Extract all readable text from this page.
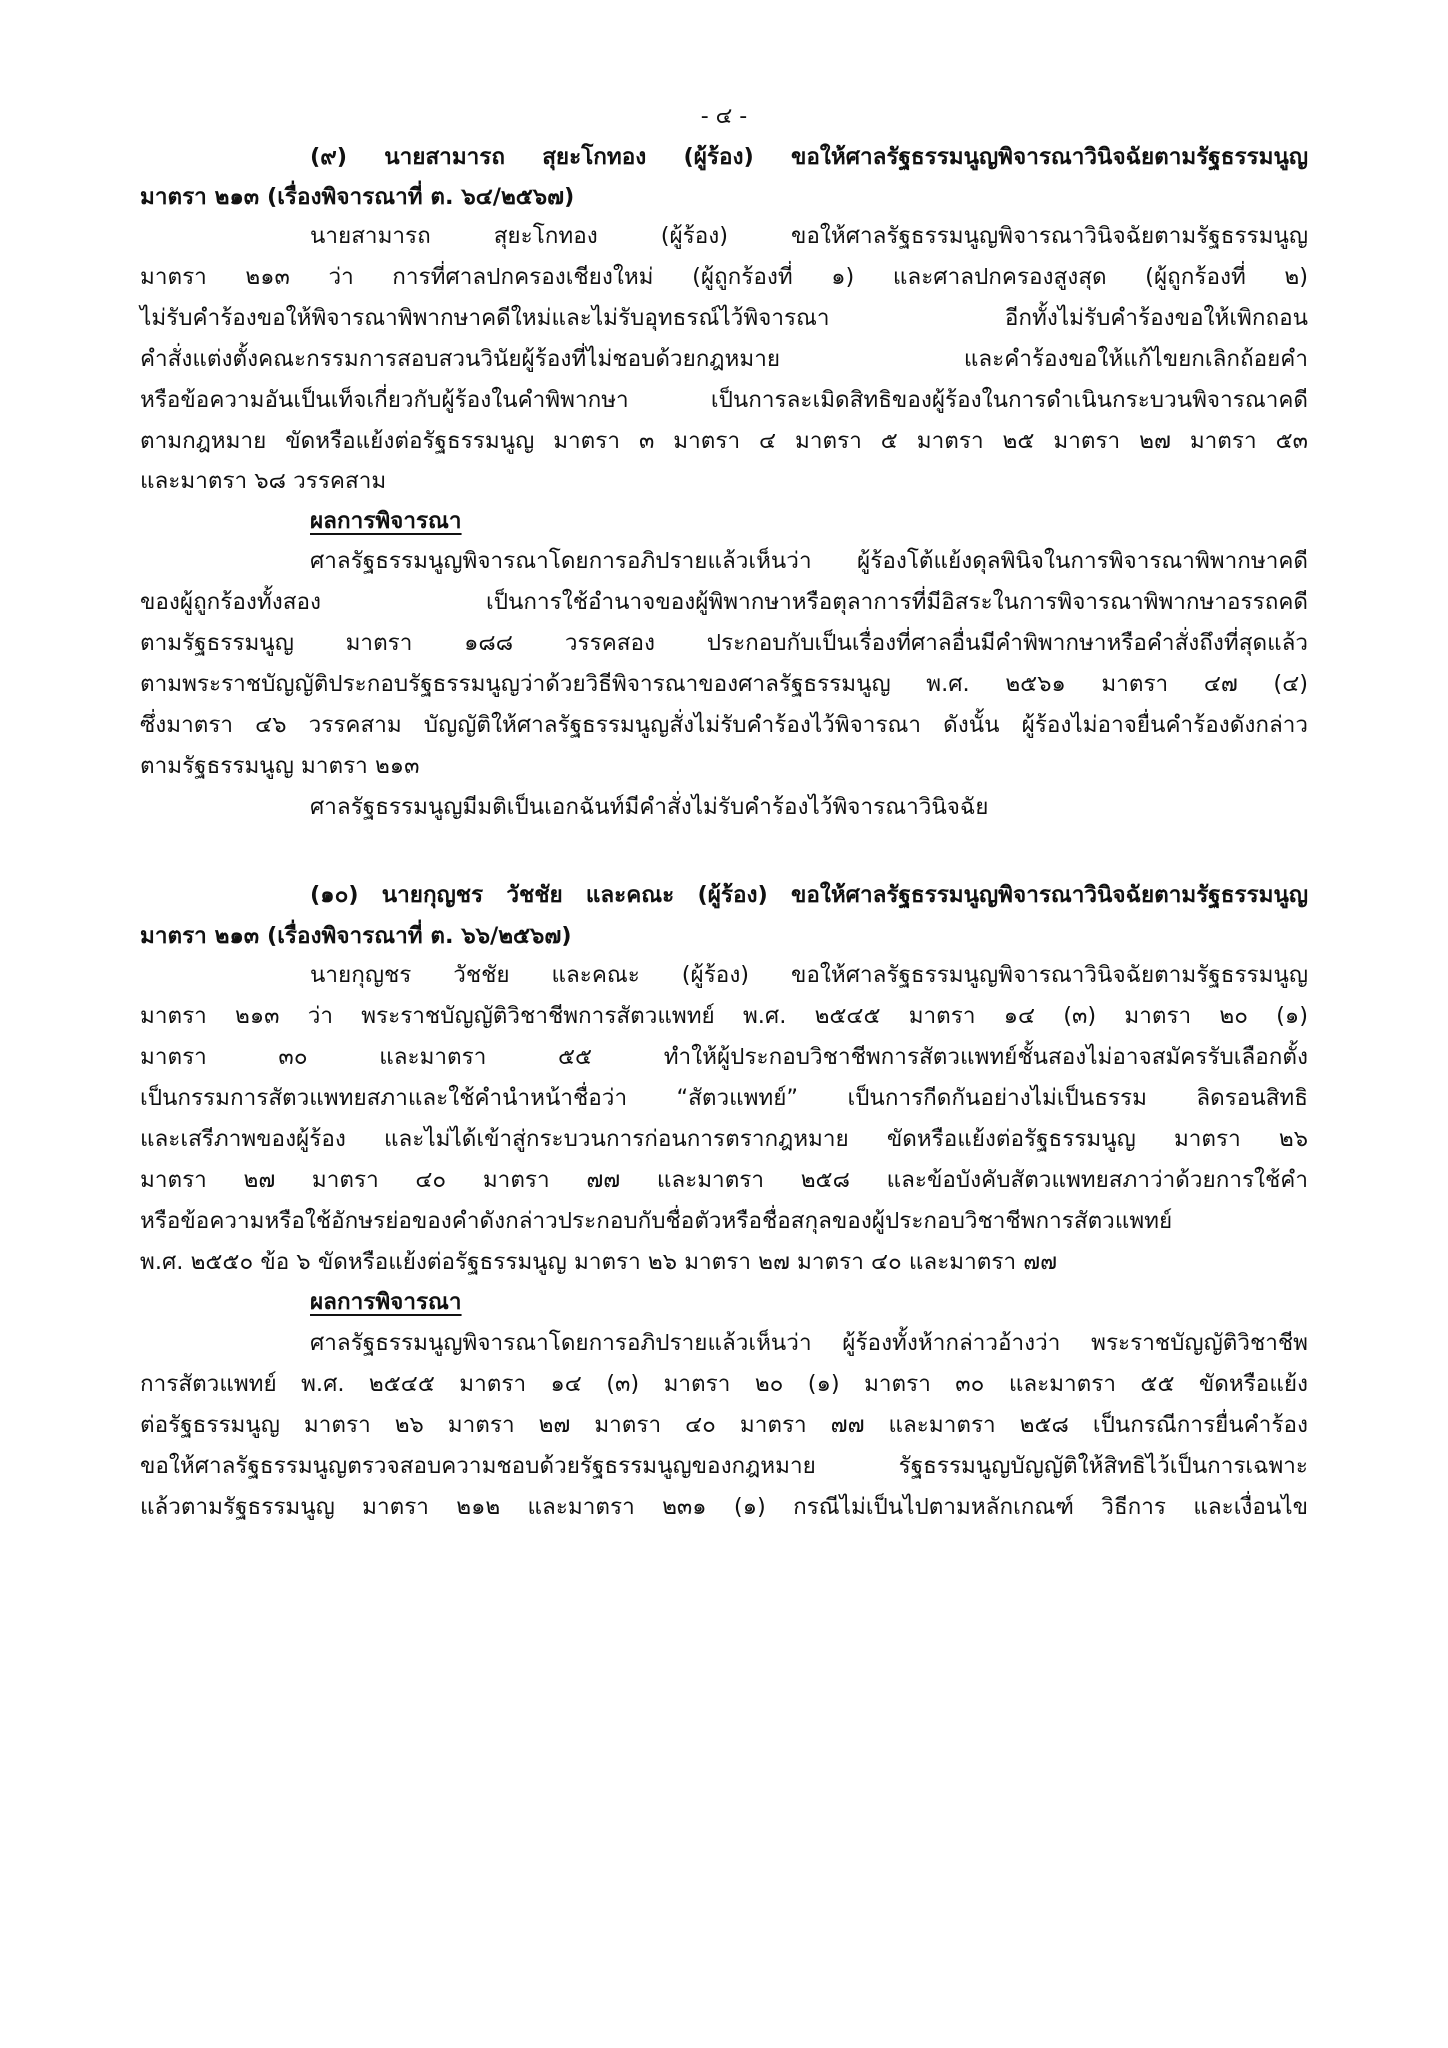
- ๔ -
(๙) นายสามารถ สุยะโกทอง (ผู้ร้อง) ขอให้ศาลรัฐธรรมนูญพิจารณาวินิจฉัยตามรัฐธรรมนูญ
มาตรา ๒๑๓ (เรื่องพิจารณาที่ ต. ๖๔/๒๕๖๗)
นายสามารถ สุยะโกทอง (ผู้ร้อง) ขอให้ศาลรัฐธรรมนูญพิจารณาวินิจฉัยตามรัฐธรรมนูญ
มาตรา ๒๑๓ ว่า การที่ศาลปกครองเชียงใหม่ (ผู้ถูกร้องที่ ๑) และศาลปกครองสูงสุด (ผู้ถูกร้องที่ ๒)
ไม่รับคำร้องขอให้พิจารณาพิพากษาคดีใหม่และไม่รับอุทธรณ์ไว้พิจารณา อีกทั้งไม่รับคำร้องขอให้เพิกถอน
คำสั่งแต่งตั้งคณะกรรมการสอบสวนวินัยผู้ร้องที่ไม่ชอบด้วยกฎหมาย และคำร้องขอให้แก้ไขยกเลิกถ้อยคำ
หรือข้อความอันเป็นเท็จเกี่ยวกับผู้ร้องในคำพิพากษา เป็นการละเมิดสิทธิของผู้ร้องในการดำเนินกระบวนพิจารณาคดี
ตามกฎหมาย ขัดหรือแย้งต่อรัฐธรรมนูญ มาตรา ๓ มาตรา ๔ มาตรา ๕ มาตรา ๒๕ มาตรา ๒๗ มาตรา ๕๓
และมาตรา ๖๘ วรรคสาม
ผลการพิจารณา
ศาลรัฐธรรมนูญพิจารณาโดยการอภิปรายแล้วเห็นว่า ผู้ร้องโต้แย้งดุลพินิจในการพิจารณาพิพากษาคดี
ของผู้ถูกร้องทั้งสอง เป็นการใช้อำนาจของผู้พิพากษาหรือตุลาการที่มีอิสระในการพิจารณาพิพากษาอรรถคดี
ตามรัฐธรรมนูญ มาตรา ๑๘๘ วรรคสอง ประกอบกับเป็นเรื่องที่ศาลอื่นมีคำพิพากษาหรือคำสั่งถึงที่สุดแล้ว
ตามพระราชบัญญัติประกอบรัฐธรรมนูญว่าด้วยวิธีพิจารณาของศาลรัฐธรรมนูญ พ.ศ. ๒๕๖๑ มาตรา ๔๗ (๔)
ซึ่งมาตรา ๔๖ วรรคสาม บัญญัติให้ศาลรัฐธรรมนูญสั่งไม่รับคำร้องไว้พิจารณา ดังนั้น ผู้ร้องไม่อาจยื่นคำร้องดังกล่าว
ตามรัฐธรรมนูญ มาตรา ๒๑๓
ศาลรัฐธรรมนูญมีมติเป็นเอกฉันท์มีคำสั่งไม่รับคำร้องไว้พิจารณาวินิจฉัย
(๑๐) นายกุญชร วัชชัย และคณะ (ผู้ร้อง) ขอให้ศาลรัฐธรรมนูญพิจารณาวินิจฉัยตามรัฐธรรมนูญ
มาตรา ๒๑๓ (เรื่องพิจารณาที่ ต. ๖๖/๒๕๖๗)
นายกุญชร วัชชัย และคณะ (ผู้ร้อง) ขอให้ศาลรัฐธรรมนูญพิจารณาวินิจฉัยตามรัฐธรรมนูญ
มาตรา ๒๑๓ ว่า พระราชบัญญัติวิชาชีพการสัตวแพทย์ พ.ศ. ๒๕๔๕ มาตรา ๑๔ (๓) มาตรา ๒๐ (๑)
มาตรา ๓๐ และมาตรา ๕๕ ทำให้ผู้ประกอบวิชาชีพการสัตวแพทย์ชั้นสองไม่อาจสมัครรับเลือกตั้ง
เป็นกรรมการสัตวแพทยสภาและใช้คำนำหน้าชื่อว่า “สัตวแพทย์” เป็นการกีดกันอย่างไม่เป็นธรรม ลิดรอนสิทธิ
และเสรีภาพของผู้ร้อง และไม่ได้เข้าสู่กระบวนการก่อนการตรากฎหมาย ขัดหรือแย้งต่อรัฐธรรมนูญ มาตรา ๒๖
มาตรา ๒๗ มาตรา ๔๐ มาตรา ๗๗ และมาตรา ๒๕๘ และข้อบังคับสัตวแพทยสภาว่าด้วยการใช้คำ
หรือข้อความหรือใช้อักษรย่อของคำดังกล่าวประกอบกับชื่อตัวหรือชื่อสกุลของผู้ประกอบวิชาชีพการสัตวแพทย์
พ.ศ. ๒๕๕๐ ข้อ ๖ ขัดหรือแย้งต่อรัฐธรรมนูญ มาตรา ๒๖ มาตรา ๒๗ มาตรา ๔๐ และมาตรา ๗๗
ผลการพิจารณา
ศาลรัฐธรรมนูญพิจารณาโดยการอภิปรายแล้วเห็นว่า ผู้ร้องทั้งห้ากล่าวอ้างว่า พระราชบัญญัติวิชาชีพ
การสัตวแพทย์ พ.ศ. ๒๕๔๕ มาตรา ๑๔ (๓) มาตรา ๒๐ (๑) มาตรา ๓๐ และมาตรา ๕๕ ขัดหรือแย้ง
ต่อรัฐธรรมนูญ มาตรา ๒๖ มาตรา ๒๗ มาตรา ๔๐ มาตรา ๗๗ และมาตรา ๒๕๘ เป็นกรณีการยื่นคำร้อง
ขอให้ศาลรัฐธรรมนูญตรวจสอบความชอบด้วยรัฐธรรมนูญของกฎหมาย รัฐธรรมนูญบัญญัติให้สิทธิไว้เป็นการเฉพาะ
แล้วตามรัฐธรรมนูญ มาตรา ๒๑๒ และมาตรา ๒๓๑ (๑) กรณีไม่เป็นไปตามหลักเกณฑ์ วิธีการ และเงื่อนไข
